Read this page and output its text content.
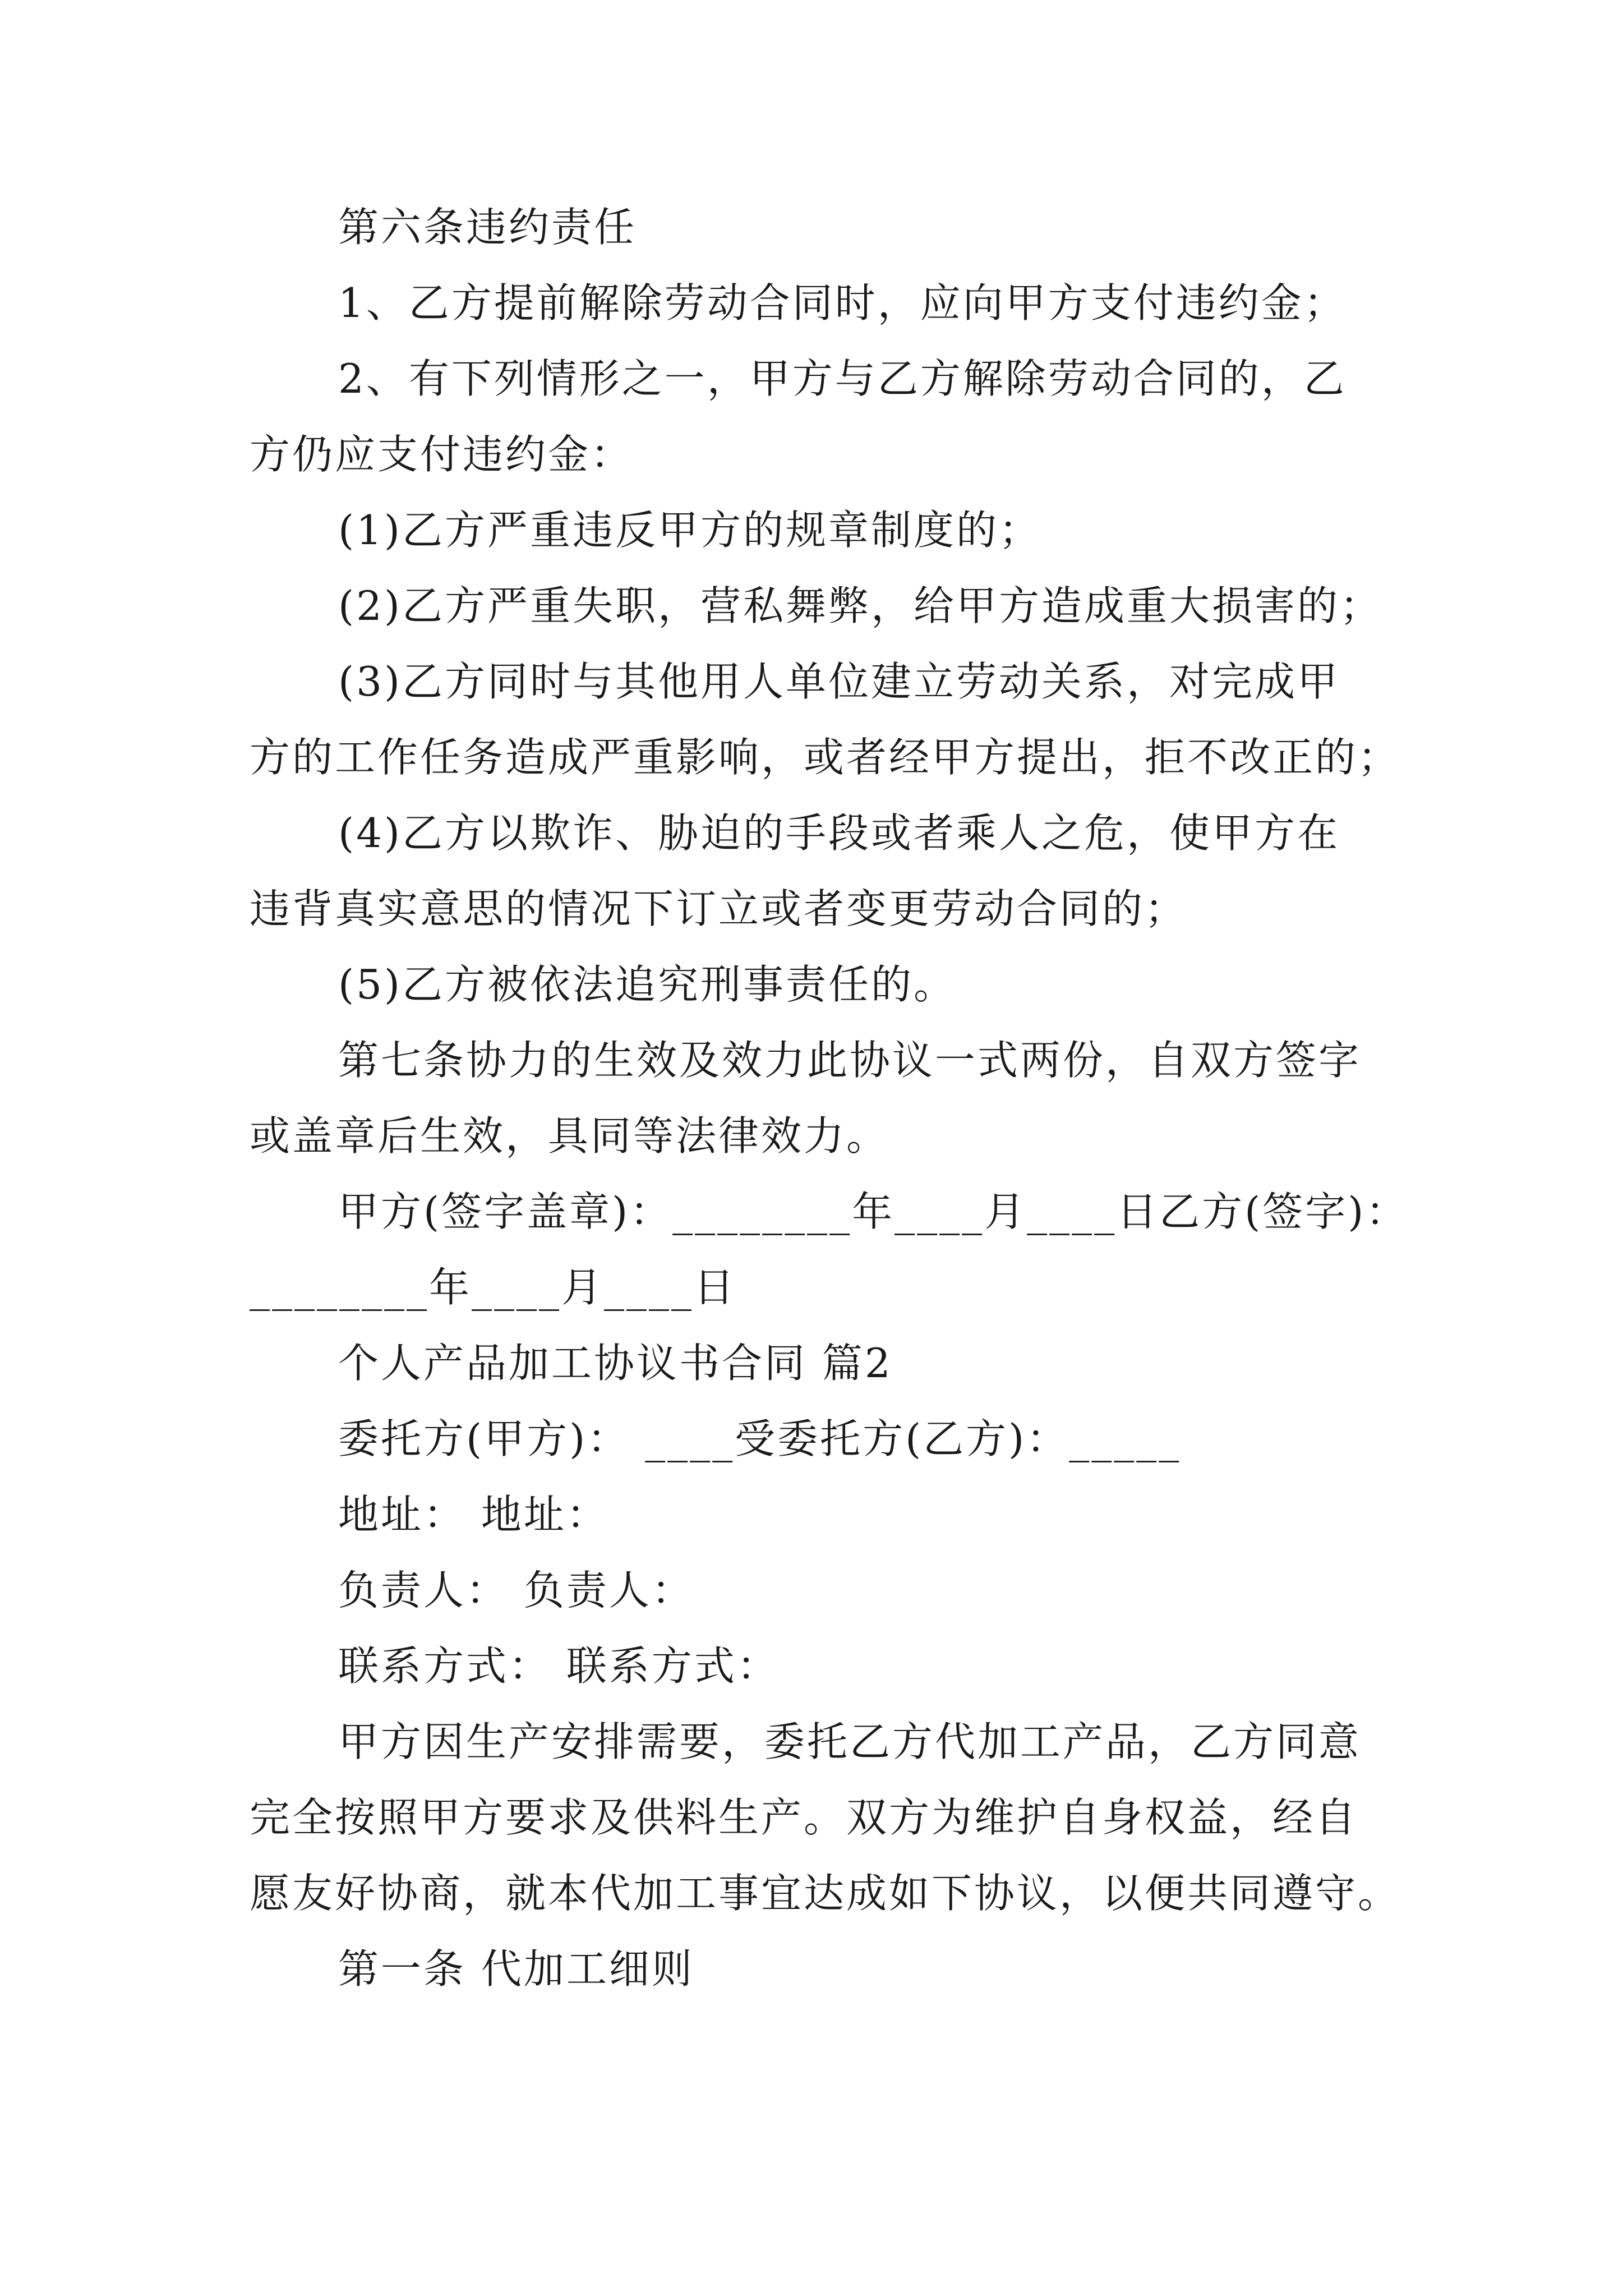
第六条违约责任
1、乙方提前解除劳动合同时，应向甲方支付违约金；
2、有下列情形之一，甲方与乙方解除劳动合同的，乙
方仍应支付违约金：
(1)乙方严重违反甲方的规章制度的；
(2)乙方严重失职，营私舞弊，给甲方造成重大损害的；
(3)乙方同时与其他用人单位建立劳动关系，对完成甲
方的工作任务造成严重影响，或者经甲方提出，拒不改正的；
(4)乙方以欺诈、胁迫的手段或者乘人之危，使甲方在
违背真实意思的情况下订立或者变更劳动合同的；
(5)乙方被依法追究刑事责任的。
第七条协力的生效及效力此协议一式两份，自双方签字
或盖章后生效，具同等法律效力。
甲方(签字盖章)：________年____月____日乙方(签字)：
________年____月____日
个人产品加工协议书合同 篇2
委托方(甲方)： ____受委托方(乙方)：_____
地址： 地址：
负责人： 负责人：
联系方式： 联系方式：
甲方因生产安排需要，委托乙方代加工产品，乙方同意
完全按照甲方要求及供料生产。双方为维护自身权益，经自
愿友好协商，就本代加工事宜达成如下协议，以便共同遵守。
第一条 代加工细则
